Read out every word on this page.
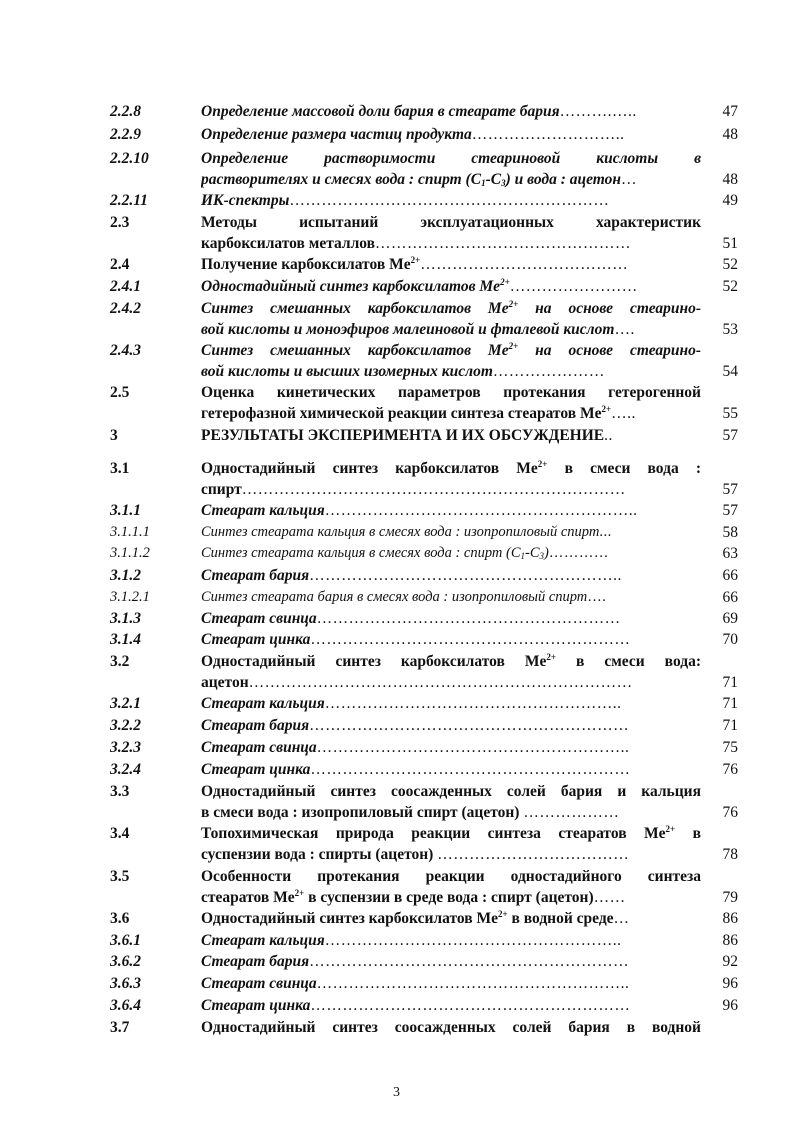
2.2.8	Определение массовой доли бария в стеарате бария……….…..	47
2.2.9	Определение размера частиц продукта………………………..	48
2.2.10	Определение растворимости стеариновой кислоты в
растворителях и смесях вода : спирт $(С_1-С_3)$ и вода : ацетон…	48
2.2.11	ИК-спектры……………………………………………………	49
2.3	Методы испытаний эксплуатационных характеристик
карбоксилатов металлов…………………………………………	51
2.4	Получение карбоксилатов $Me^{2+}\dots\dots\dots\dots\dots\dots\dots\dots\dots\dots\dots\dots\dots$	52
2.4.1	Одностадийный синтез карбоксилатов $Me^{2+}\dots\dots\dots\dots\dots\dots\dots\dots$	52
2.4.2	Синтез смешанных карбоксилатов $Me^{2+}$ на основе стеарино-
вой кислоты и моноэфиров малеиновой и фталевой кислот….	53
2.4.3	Синтез смешанных карбоксилатов $Me^{2+}$ на основе стеарино-
вой кислоты и высших изомерных кислот…………………	54
2.5	Оценка кинетических параметров протекания гетерогенной
гетерофазной химической реакции синтеза стеаратов $Me^{2+}\dots$..	55
3	РЕЗУЛЬТАТЫ ЭКСПЕРИМЕНТА И ИХ ОБСУЖДЕНИЕ..	57
3.1	Одностадийный синтез карбоксилатов $Me^{2+}$ в смеси вода :
спирт………………………………………………………………	57
3.1.1	Стеарат кальция…………………………………………………..	57
3.1.1.1	Синтез стеарата кальция в смесях вода : изопропиловый спирт...	58
3.1.1.2	Синтез стеарата кальция в смесях вода : спирт $(С_1-С_3)\dots\dots\dots\dots$	63
3.1.2	Стеарат бария…………………………………………………..	66
3.1.2.1	Синтез стеарата бария в смесях вода : изопропиловый спирт….	66
3.1.3	Стеарат свинца…………………………………………………	69
3.1.4	Стеарат цинка……………………………………………………	70
3.2	Одностадийный синтез карбоксилатов $Me^{2+}$ в смеси вода:
ацетон………………………………………………………………	71
3.2.1	Стеарат кальция………………………………………………..	71
3.2.2	Стеарат бария……………………………………………………	71
3.2.3	Стеарат свинца…………………………………………………..	75
3.2.4	Стеарат цинка……………………………………………………	76
3.3	Одностадийный синтез соосажденных солей бария и кальция
в смеси вода : изопропиловый спирт (ацетон) ………………	76
3.4	Топохимическая природа реакции синтеза стеаратов $Me^{2+}$ в
суспензии вода : спирты (ацетон) ………………………………	78
3.5	Особенности протекания реакции одностадийного синтеза
стеаратов $Me^{2+}$ в суспензии в среде вода : спирт (ацетон)……	79
3.6	Одностадийный синтез карбоксилатов $Me^{2+}$ в водной среде…	86
3.6.1	Стеарат кальция………………………………………………..	86
3.6.2	Стеарат бария……………………………………………………	92
3.6.3	Стеарат свинца…………………………………………………..	96
3.6.4	Стеарат цинка……………………………………………………	96
3.7	Одностадийный синтез соосажденных солей бария в водной
3
